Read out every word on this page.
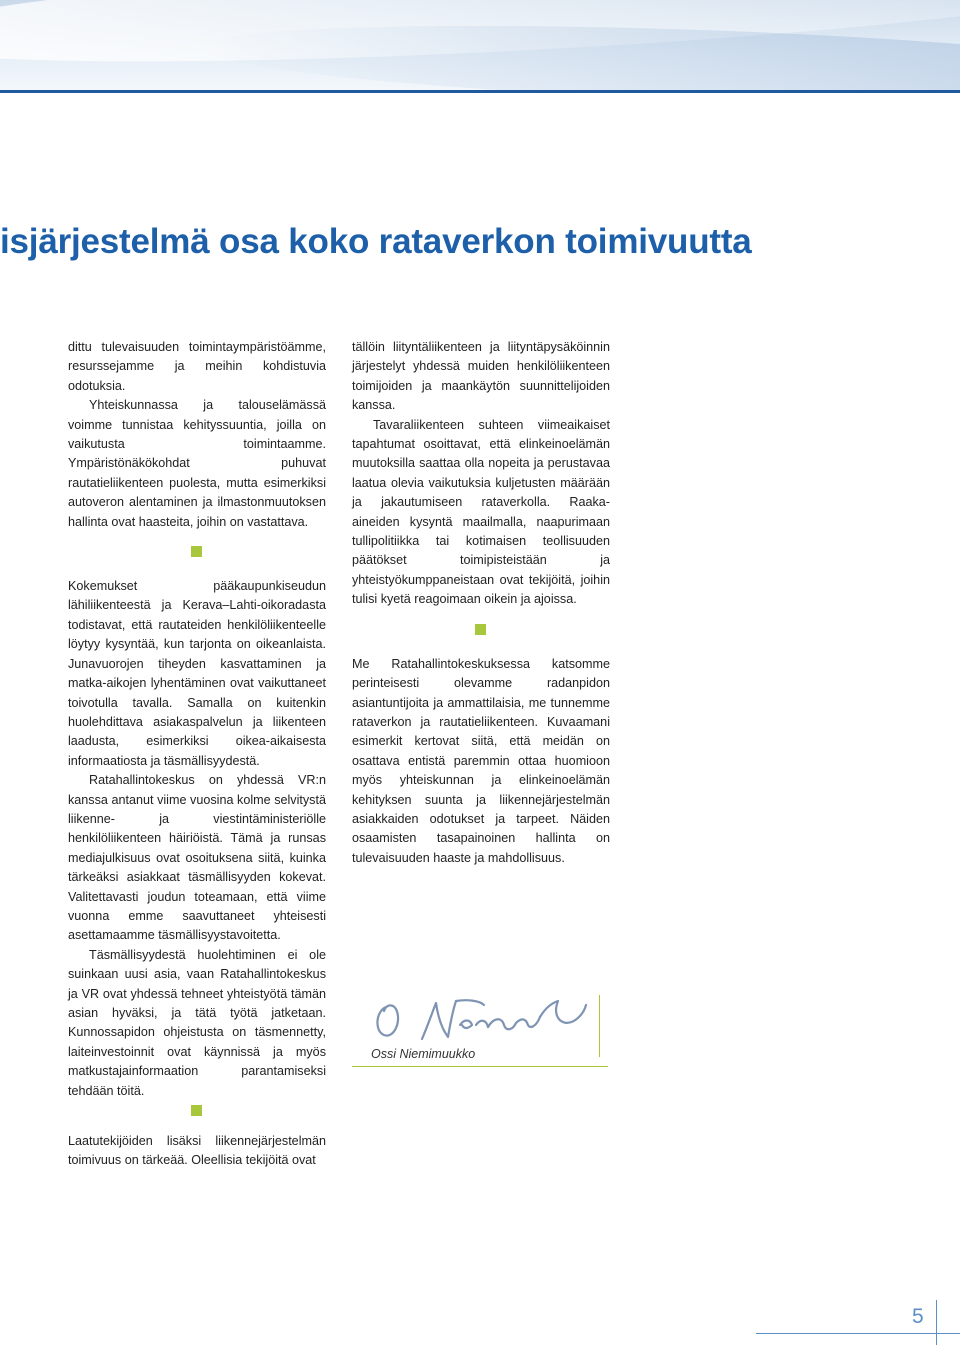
isjärjestelmä osa koko rataverkon toimivuutta

dittu tulevaisuuden toimintaympäristöämme, resurssejamme ja meihin kohdistuvia odotuksia.

Yhteiskunnassa ja talouselämässä voimme tunnistaa kehityssuuntia, joilla on vaikutusta toimintaamme. Ympäristönäkökohdat puhuvat rautatieliikenteen puolesta, mutta esimerkiksi autoveron alentaminen ja ilmastonmuutoksen hallinta ovat haasteita, joihin on vastattava.

Kokemukset pääkaupunkiseudun lähiliikenteestä ja Kerava–Lahti-oikoradasta todistavat, että rautateiden henkilöliikenteelle löytyy kysyntää, kun tarjonta on oikeanlaista. Junavuorojen tiheyden kasvattaminen ja matka-aikojen lyhentäminen ovat vaikuttaneet toivotulla tavalla. Samalla on kuitenkin huolehdittava asiakaspalvelun ja liikenteen laadusta, esimerkiksi oikea-aikaisesta informaatiosta ja täsmällisyydestä.

Ratahallintokeskus on yhdessä VR:n kanssa antanut viime vuosina kolme selvitystä liikenne- ja viestintäministeriölle henkilöliikenteen häiriöistä. Tämä ja runsas mediajulkisuus ovat osoituksena siitä, kuinka tärkeäksi asiakkaat täsmällisyyden kokevat. Valitettavasti joudun toteamaan, että viime vuonna emme saavuttaneet yhteisesti asettamaamme täsmällisyystavoitetta.

Täsmällisyydestä huolehtiminen ei ole suinkaan uusi asia, vaan Ratahallintokeskus ja VR ovat yhdessä tehneet yhteistyötä tämän asian hyväksi, ja tätä työtä jatketaan. Kunnossapidon ohjeistusta on täsmennetty, laiteinvestoinnit ovat käynnissä ja myös matkustajainformaation parantamiseksi tehdään töitä.

Laatutekijöiden lisäksi liikennejärjestelmän toimivuus on tärkeää. Oleellisia tekijöitä ovat

tällöin liityntäliikenteen ja liityntäpysäköinnin järjestelyt yhdessä muiden henkilöliikenteen toimijoiden ja maankäytön suunnittelijoiden kanssa.

Tavaraliikenteen suhteen viimeaikaiset tapahtumat osoittavat, että elinkeinoelämän muutoksilla saattaa olla nopeita ja perustavaa laatua olevia vaikutuksia kuljetusten määrään ja jakautumiseen rataverkolla. Raaka-aineiden kysyntä maailmalla, naapurimaan tullipolitiikka tai kotimaisen teollisuuden päätökset toimipisteistään ja yhteistyökumppaneistaan ovat tekijöitä, joihin tulisi kyetä reagoimaan oikein ja ajoissa.

Me Ratahallintokeskuksessa katsomme perinteisesti olevamme radanpidon asiantuntijoita ja ammattilaisia, me tunnemme rataverkon ja rautatieliikenteen. Kuvaamani esimerkit kertovat siitä, että meidän on osattava entistä paremmin ottaa huomioon myös yhteiskunnan ja elinkeinoelämän kehityksen suunta ja liikennejärjestelmän asiakkaiden odotukset ja tarpeet. Näiden osaamisten tasapainoinen hallinta on tulevaisuuden haaste ja mahdollisuus.

Ossi Niemimuukko
5
